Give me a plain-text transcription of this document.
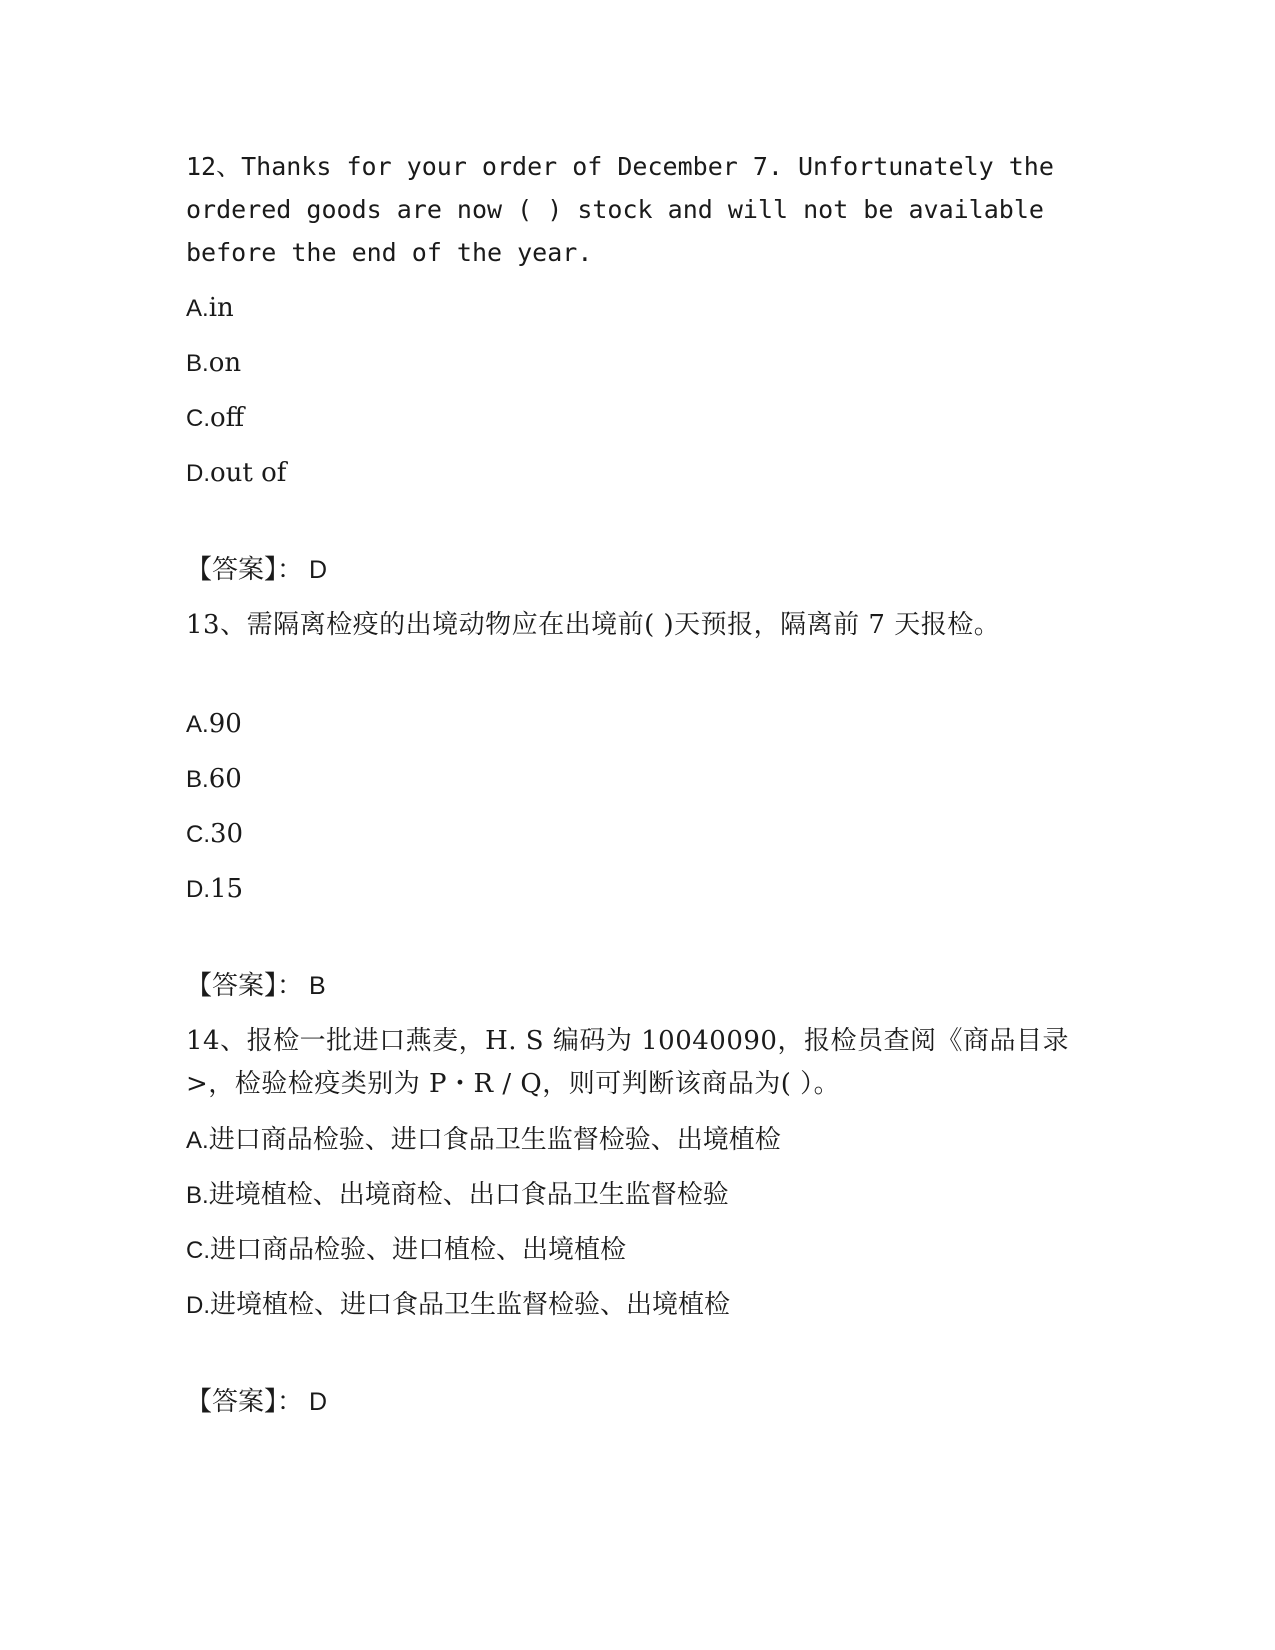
12、Thanks for your order of December 7. Unfortunately the ordered goods are now ( ) stock and will not be available before the end of the year.

A.in

B.on

C.off

D.out of

【答案】： D

13、需隔离检疫的出境动物应在出境前( )天预报，隔离前 7 天报检。

A.90

B.60

C.30

D.15

【答案】： B

14、报检一批进口燕麦，H. S 编码为 10040090，报检员查阅《商品目录>，检验检疫类别为 P・R / Q，则可判断该商品为( ）。

A.进口商品检验、进口食品卫生监督检验、出境植检

B.进境植检、出境商检、出口食品卫生监督检验

C.进口商品检验、进口植检、出境植检

D.进境植检、进口食品卫生监督检验、出境植检

【答案】： D
